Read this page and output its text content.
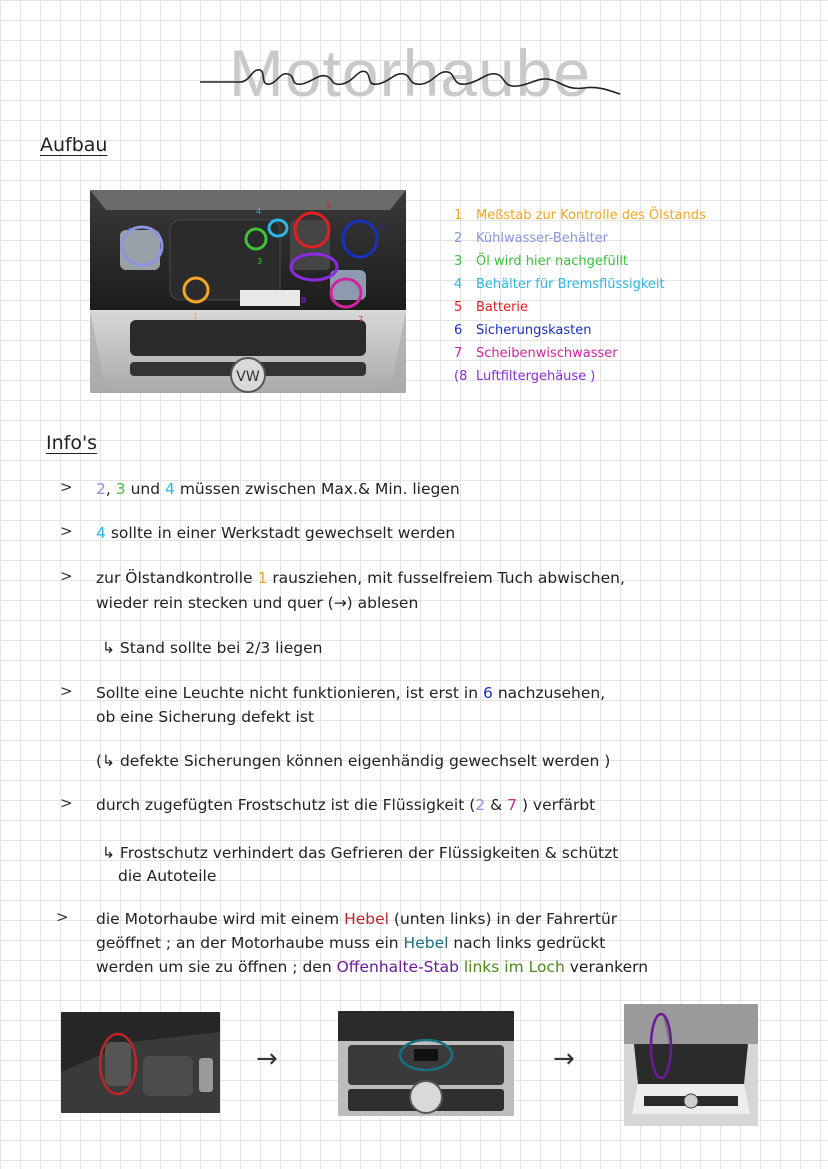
Motorhaube
Aufbau
VW
1
2
3
4
5
6
7
8
1 Meßstab zur Kontrolle des Ölstands
2 Kühlwasser-Behälter
3 Öl wird hier nachgefüllt
4 Behälter für Bremsflüssigkeit
5 Batterie
6 Sicherungskasten
7 Scheibenwischwasser
(8 Luftfiltergehäuse )
Info's
> 2, 3 und 4 müssen zwischen Max.& Min. liegen
> 4 sollte in einer Werkstadt gewechselt werden
> zur Ölstandkontrolle 1 rausziehen, mit fusselfreiem Tuch abwischen,
wieder rein stecken und quer (→) ablesen
↳ Stand sollte bei 2/3 liegen
> Sollte eine Leuchte nicht funktionieren, ist erst in 6 nachzusehen,
ob eine Sicherung defekt ist
(↳ defekte Sicherungen können eigenhändig gewechselt werden )
> durch zugefügten Frostschutz ist die Flüssigkeit (2 & 7 ) verfärbt
↳ Frostschutz verhindert das Gefrieren der Flüssigkeiten & schützt
die Autoteile
> die Motorhaube wird mit einem Hebel (unten links) in der Fahrertür
geöffnet ; an der Motorhaube muss ein Hebel nach links gedrückt
werden um sie zu öffnen ; den Offenhalte-Stab links im Loch verankern
→	→
